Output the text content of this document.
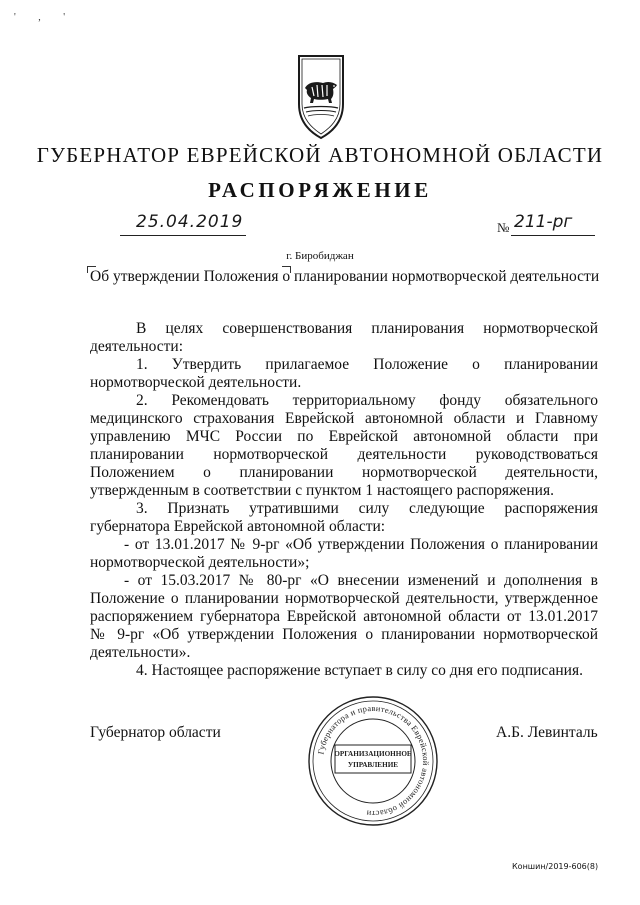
' , '
ГУБЕРНАТОР ЕВРЕЙСКОЙ АВТОНОМНОЙ ОБЛАСТИ
РАСПОРЯЖЕНИЕ
25.04.2019	№ 211-рг
г. Биробиджан
Об утверждении Положения о планировании нормотворческой деятельности

В целях совершенствования планирования нормотворческой деятельности:

1. Утвердить прилагаемое Положение о планировании нормотворческой деятельности.

2. Рекомендовать территориальному фонду обязательного медицинского страхования Еврейской автономной области и Главному управлению МЧС России по Еврейской автономной области при планировании нормотворческой деятельности руководствоваться Положением о планировании нормотворческой деятельности, утвержденным в соответствии с пунктом 1 настоящего распоряжения.

3. Признать утратившими силу следующие распоряжения губернатора Еврейской автономной области:

- от 13.01.2017 № 9-рг «Об утверждении Положения о планировании нормотворческой деятельности»;

- от 15.03.2017 № 80-рг «О внесении изменений и дополнения в Положение о планировании нормотворческой деятельности, утвержденное распоряжением губернатора Еврейской автономной области от 13.01.2017 № 9-рг «Об утверждении Положения о планировании нормотворческой деятельности».

4. Настоящее распоряжение вступает в силу со дня его подписания.

Губернатор области	А.Б. Левинталь
Губернатора и правительства Еврейской автономной области
ОРГАНИЗАЦИОННОЕ
УПРАВЛЕНИЕ
Коншин/2019-606(8)
